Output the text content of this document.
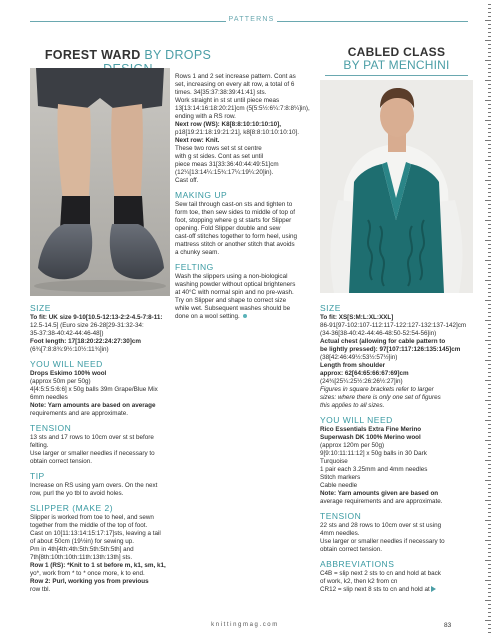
PATTERNS
FOREST WARD BY DROPS	CABLED CLASS
BY PAT MENCHINI
SIZE

To fit: UK size 9-10[10.5-12:13-2:2-4.5-7:8-11:
12.5-14.5] (Euro size 26-28[29-31:32-34:
35-37:38-40:42-44:46-48])
Foot length: 17[18:20:22:24:27:30]cm
(6¾[7:8:8¾:9½:10½:11¾]in)

YOU WILL NEED

Drops Eskimo 100% wool
(approx 50m per 50g)
4[4:5:5:5:6:6] x 50g balls 39m Grape/Blue Mix
6mm needles
Note: Yarn amounts are based on average
requirements and are approximate.

TENSION

13 sts and 17 rows to 10cm over st st before
felting.
Use larger or smaller needles if necessary to
obtain correct tension.

TIP

Increase on RS using yarn overs. On the next
row, purl the yo tbl to avoid holes.

SLIPPER (MAKE 2)

Slipper is worked from toe to heel, and sewn
together from the middle of the top of foot.
Cast on 10[11:13:14:15:17:17]sts, leaving a tail
of about 50cm (19½in) for sewing up.
Pm in 4th[4th:4th:5th:5th:5th:5th] and
7th[8th:10th:10th:11th:13th:13th] sts.
Row 1 (RS): *Knit to 1 st before m, k1, sm, k1,
yo*, work from * to * once more, k to end.
Row 2: Purl, working yos from previous
row tbl.

Rows 1 and 2 set increase pattern. Cont as
set, increasing on every alt row, a total of 6
times. 34[35:37:38:39:41:41] sts.
Work straight in st st until piece meas
13[13:14:16:18:20:21]cm (5[5:5½:6¼:7:8:8¼]in),
ending with a RS row.
Next row (WS): K8[8:8:10:10:10:10],
p18[19:21:18:19:21:21], k8[8:8:10:10:10:10].
Next row: Knit.
These two rows set st st centre
with g st sides. Cont as set until
piece meas 31[33:36:40:44:49:51]cm
(12¼[13:14¼:15¾:17¼:19¼:20]in).
Cast off.

MAKING UP

Sew tail through cast-on sts and tighten to
form toe, then sew sides to middle of top of
foot, stopping where g st starts for Slipper
opening. Fold Slipper double and sew
cast-off stitches together to form heel, using
mattress stitch or another stitch that avoids
a chunky seam.

FELTING

Wash the slippers using a non-biological
washing powder without optical brighteners
at 40°C with normal spin and no pre-wash.
Try on Slipper and shape to correct size
while wet. Subsequent washes should be
done on a wool setting.

SIZE

To fit: XS[S:M:L:XL:XXL]
86-91[97-102:107-112:117-122:127-132:137-142]cm
(34-36[38-40:42-44:46-48:50-52:54-56]in)
Actual chest (allowing for cable pattern to
be lightly pressed): 97[107:117:126:135:145]cm
(38[42:46:49½:53½:57½]in)
Length from shoulder
approx: 62[64:65:66:67:69]cm
(24¾[25¼:25½:26:26½:27]in)
Figures in square brackets refer to larger
sizes: where there is only one set of figures
this applies to all sizes.

YOU WILL NEED

Rico Essentials Extra Fine Merino
Superwash DK 100% Merino wool
(approx 120m per 50g)
9[9:10:11:11:12] x 50g balls in 30 Dark
Turquoise
1 pair each 3.25mm and 4mm needles
Stitch markers
Cable needle
Note: Yarn amounts given are based on
average requirements and are approximate.

TENSION

22 sts and 28 rows to 10cm over st st using
4mm needles.
Use larger or smaller needles if necessary to
obtain correct tension.

ABBREVIATIONS

C4B = slip next 2 sts to cn and hold at back
of work, k2, then k2 from cn
CR12 = slip next 8 sts to cn and hold at

knittingmag.com	83
